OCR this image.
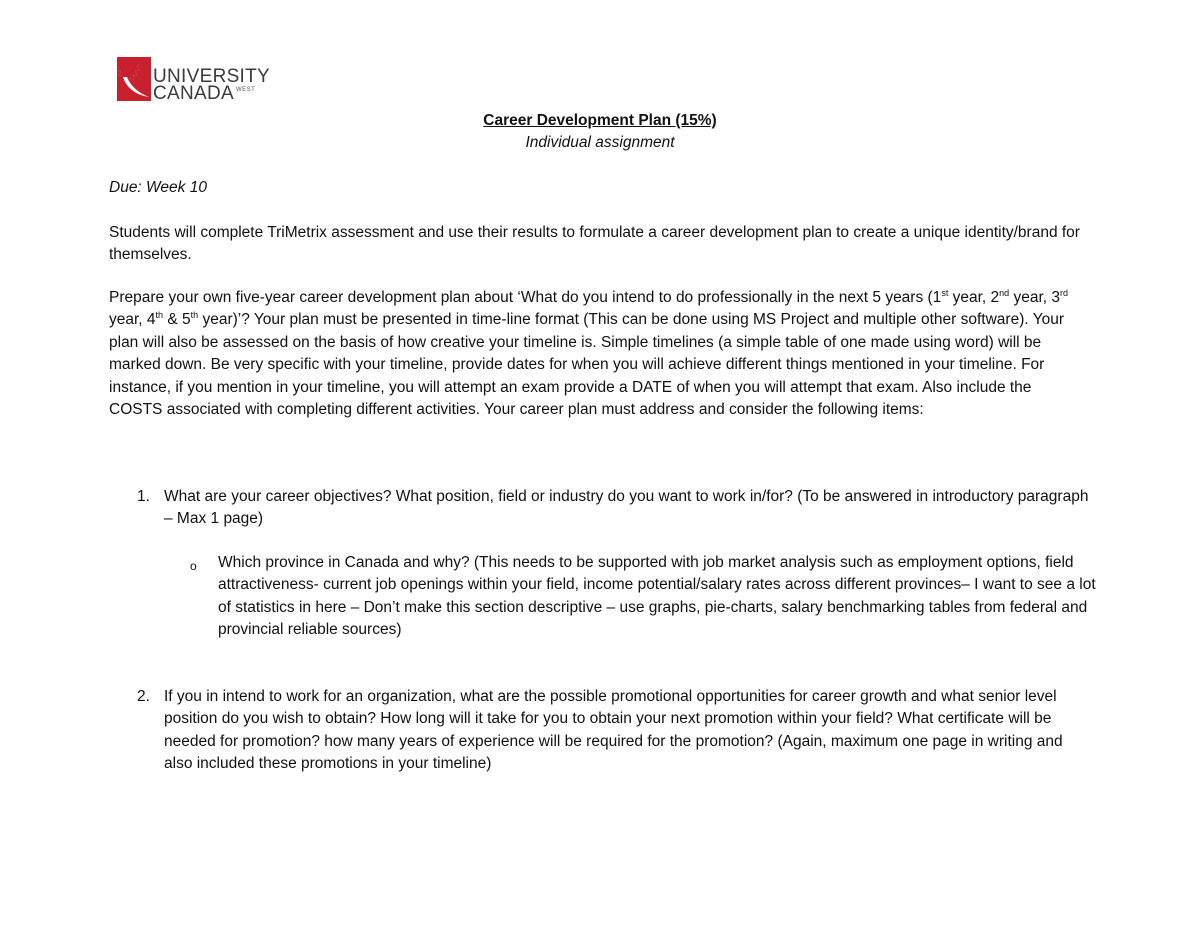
UNIVERSITY
CANADA WEST
Career Development Plan (15%)
Individual assignment
Due: Week 10

Students will complete TriMetrix assessment and use their results to formulate a career development plan to create a unique identity/brand for themselves.

Prepare your own five-year career development plan about ‘What do you intend to do professionally in the next 5 years (1st year, 2nd year, 3rd year, 4th & 5th year)’? Your plan must be presented in time-line format (This can be done using MS Project and multiple other software). Your plan will also be assessed on the basis of how creative your timeline is. Simple timelines (a simple table of one made using word) will be marked down. Be very specific with your timeline, provide dates for when you will achieve different things mentioned in your timeline. For instance, if you mention in your timeline, you will attempt an exam provide a DATE of when you will attempt that exam. Also include the COSTS associated with completing different activities. Your career plan must address and consider the following items:

1. What are your career objectives? What position, field or industry do you want to work in/for? (To be answered in introductory paragraph – Max 1 page)

o Which province in Canada and why? (This needs to be supported with job market analysis such as employment options, field attractiveness- current job openings within your field, income potential/salary rates across different provinces– I want to see a lot of statistics in here – Don’t make this section descriptive – use graphs, pie-charts, salary benchmarking tables from federal and provincial reliable sources)

2. If you in intend to work for an organization, what are the possible promotional opportunities for career growth and what senior level position do you wish to obtain? How long will it take for you to obtain your next promotion within your field? What certificate will be needed for promotion? how many years of experience will be required for the promotion? (Again, maximum one page in writing and also included these promotions in your timeline)
